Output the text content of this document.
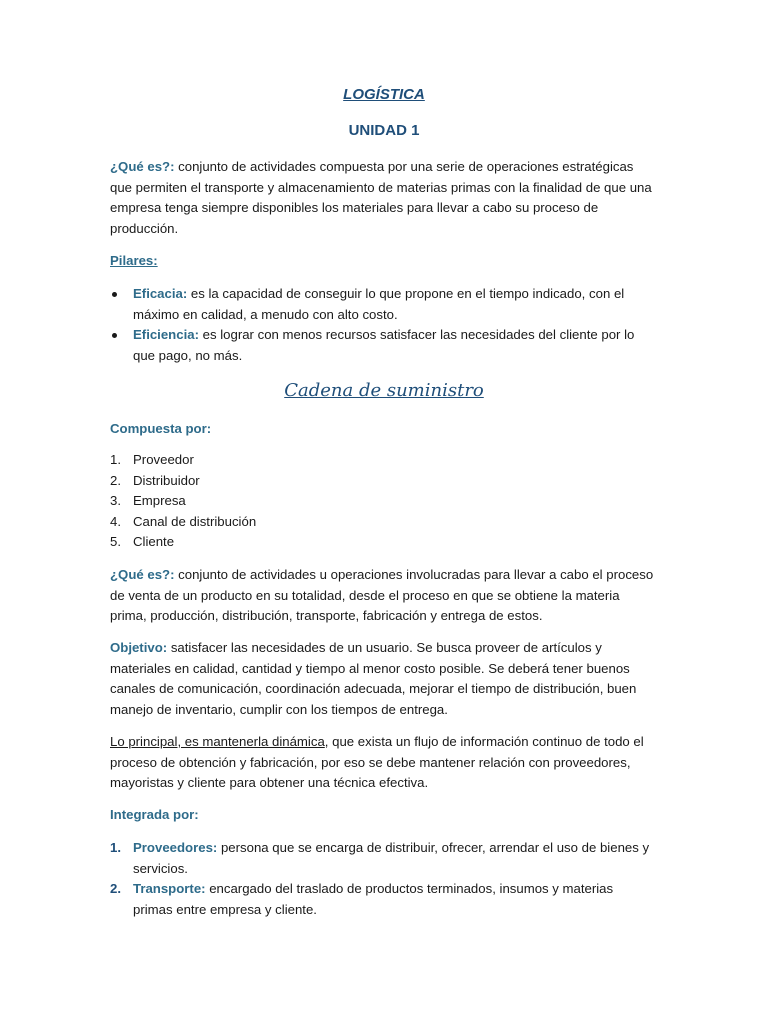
LOGÍSTICA
UNIDAD 1
¿Qué es?: conjunto de actividades compuesta por una serie de operaciones estratégicas que permiten el transporte y almacenamiento de materias primas con la finalidad de que una empresa tenga siempre disponibles los materiales para llevar a cabo su proceso de producción.
Pilares:
Eficacia: es la capacidad de conseguir lo que propone en el tiempo indicado, con el máximo en calidad, a menudo con alto costo.
Eficiencia: es lograr con menos recursos satisfacer las necesidades del cliente por lo que pago, no más.
Cadena de suministro
Compuesta por:
1. Proveedor
2. Distribuidor
3. Empresa
4. Canal de distribución
5. Cliente
¿Qué es?: conjunto de actividades u operaciones involucradas para llevar a cabo el proceso de venta de un producto en su totalidad, desde el proceso en que se obtiene la materia prima, producción, distribución, transporte, fabricación y entrega de estos.
Objetivo: satisfacer las necesidades de un usuario. Se busca proveer de artículos y materiales en calidad, cantidad y tiempo al menor costo posible. Se deberá tener buenos canales de comunicación, coordinación adecuada, mejorar el tiempo de distribución, buen manejo de inventario, cumplir con los tiempos de entrega.
Lo principal, es mantenerla dinámica, que exista un flujo de información continuo de todo el proceso de obtención y fabricación, por eso se debe mantener relación con proveedores, mayoristas y cliente para obtener una técnica efectiva.
Integrada por:
1. Proveedores: persona que se encarga de distribuir, ofrecer, arrendar el uso de bienes y servicios.
2. Transporte: encargado del traslado de productos terminados, insumos y materias primas entre empresa y cliente.
